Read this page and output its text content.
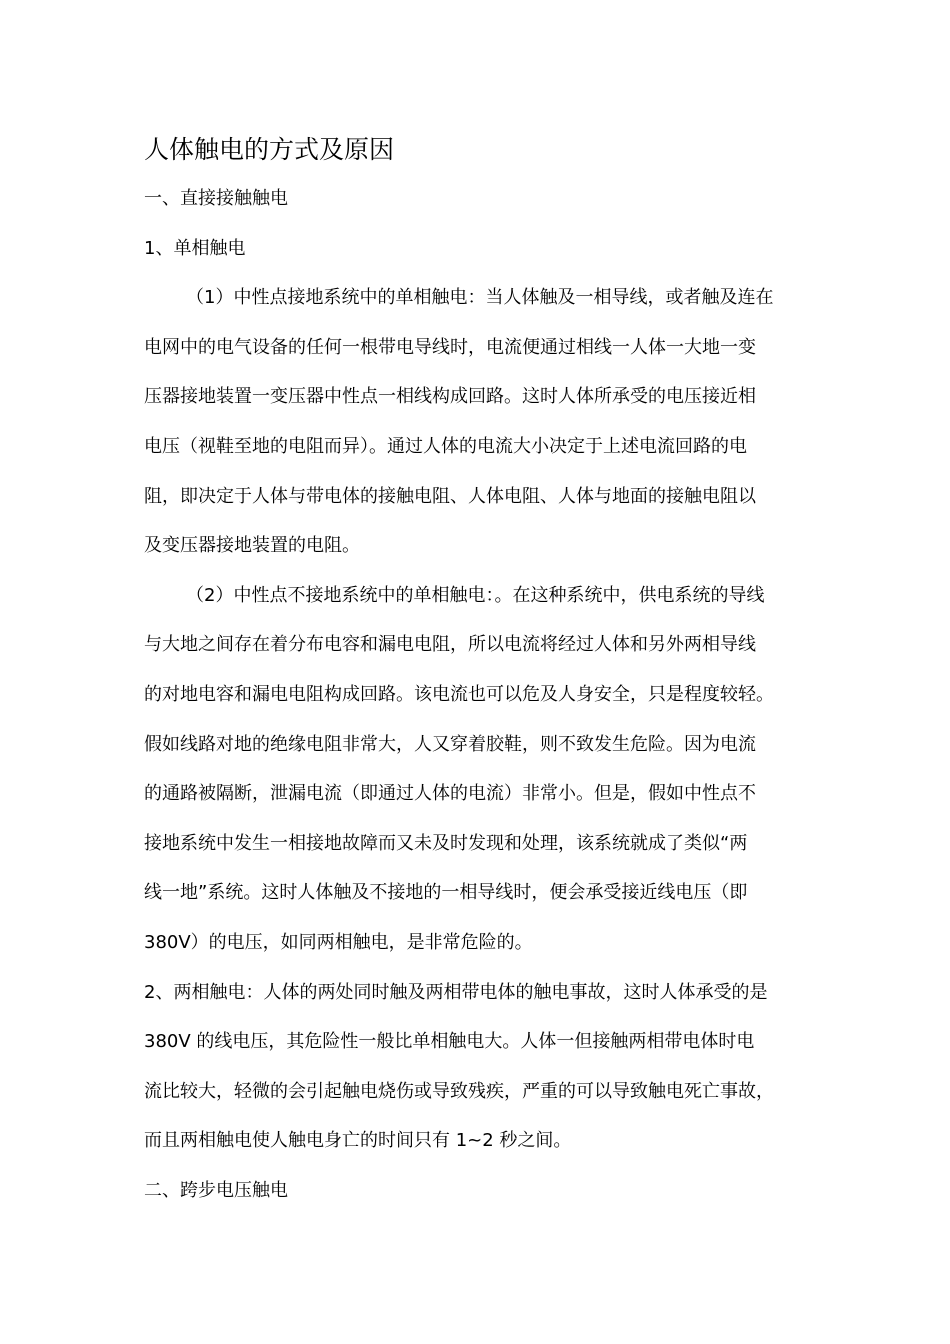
人体触电的方式及原因

一、直接接触触电

1、单相触电

（1）中性点接地系统中的单相触电：当人体触及一相导线，或者触及连在

电网中的电气设备的任何一根带电导线时，电流便通过相线一人体一大地一变

压器接地装置一变压器中性点一相线构成回路。这时人体所承受的电压接近相

电压（视鞋至地的电阻而异）。通过人体的电流大小决定于上述电流回路的电

阻，即决定于人体与带电体的接触电阻、人体电阻、人体与地面的接触电阻以

及变压器接地装置的电阻。

（2）中性点不接地系统中的单相触电：。在这种系统中，供电系统的导线

与大地之间存在着分布电容和漏电电阻，所以电流将经过人体和另外两相导线

的对地电容和漏电电阻构成回路。该电流也可以危及人身安全，只是程度较轻。

假如线路对地的绝缘电阻非常大，人又穿着胶鞋，则不致发生危险。因为电流

的通路被隔断，泄漏电流（即通过人体的电流）非常小。但是，假如中性点不

接地系统中发生一相接地故障而又未及时发现和处理，该系统就成了类似“两

线一地”系统。这时人体触及不接地的一相导线时，便会承受接近线电压（即

380V）的电压，如同两相触电，是非常危险的。

2、两相触电：人体的两处同时触及两相带电体的触电事故，这时人体承受的是

380V 的线电压，其危险性一般比单相触电大。人体一但接触两相带电体时电

流比较大，轻微的会引起触电烧伤或导致残疾，严重的可以导致触电死亡事故，

而且两相触电使人触电身亡的时间只有 1~2 秒之间。

二、跨步电压触电
